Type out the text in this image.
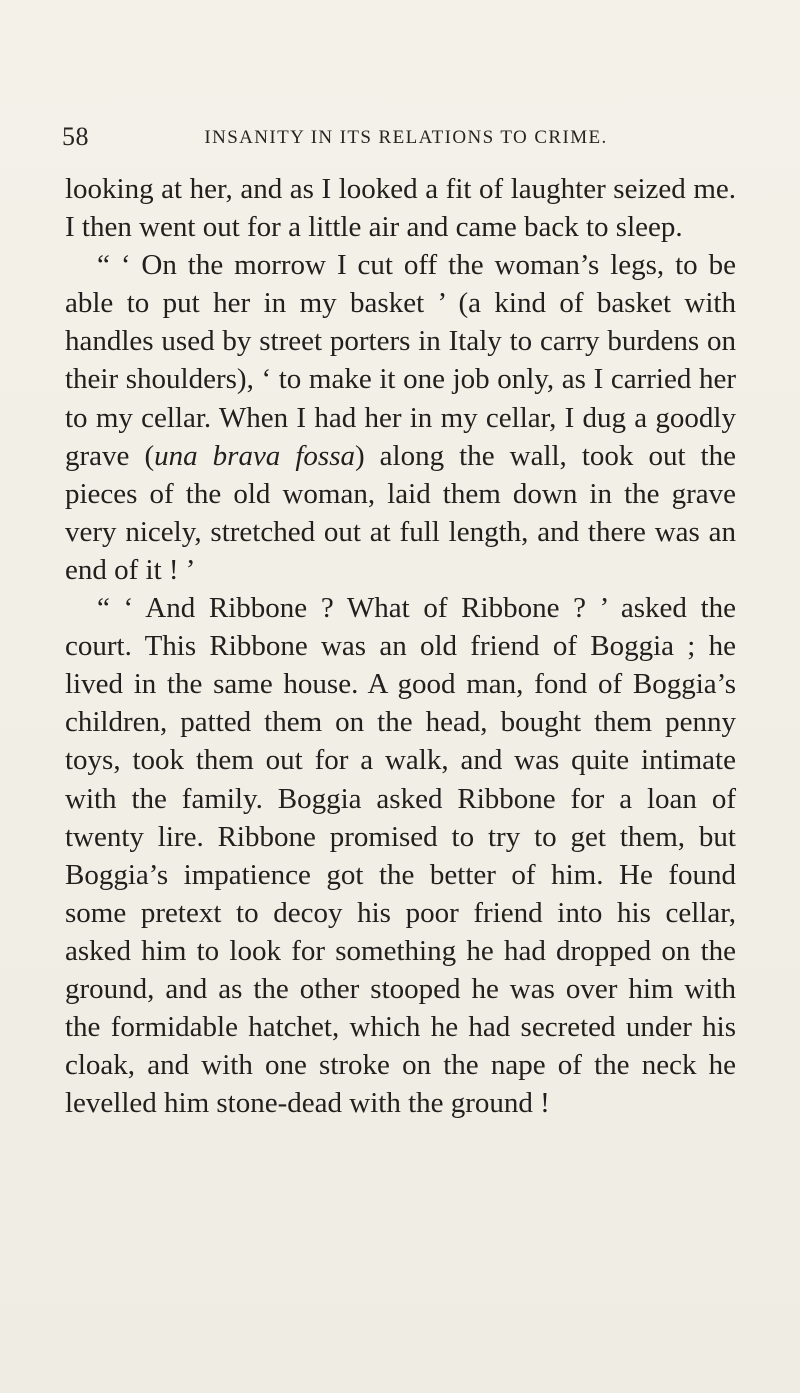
58	INSANITY IN ITS RELATIONS TO CRIME.

looking at her, and as I looked a fit of laughter seized me. I then went out for a little air and came back to sleep.

“ ‘ On the morrow I cut off the woman’s legs, to be able to put her in my basket ’ (a kind of basket with handles used by street porters in Italy to carry burdens on their shoulders), ‘ to make it one job only, as I carried her to my cellar. When I had her in my cellar, I dug a goodly grave (una brava fossa) along the wall, took out the pieces of the old woman, laid them down in the grave very nicely, stretched out at full length, and there was an end of it ! ’

“ ‘ And Ribbone ? What of Ribbone ? ’ asked the court. This Ribbone was an old friend of Boggia ; he lived in the same house. A good man, fond of Boggia’s children, patted them on the head, bought them penny toys, took them out for a walk, and was quite intimate with the family. Boggia asked Ribbone for a loan of twenty lire. Ribbone promised to try to get them, but Boggia’s impatience got the better of him. He found some pretext to decoy his poor friend into his cellar, asked him to look for something he had dropped on the ground, and as the other stooped he was over him with the formidable hatchet, which he had secreted under his cloak, and with one stroke on the nape of the neck he levelled him stone-dead with the ground !
